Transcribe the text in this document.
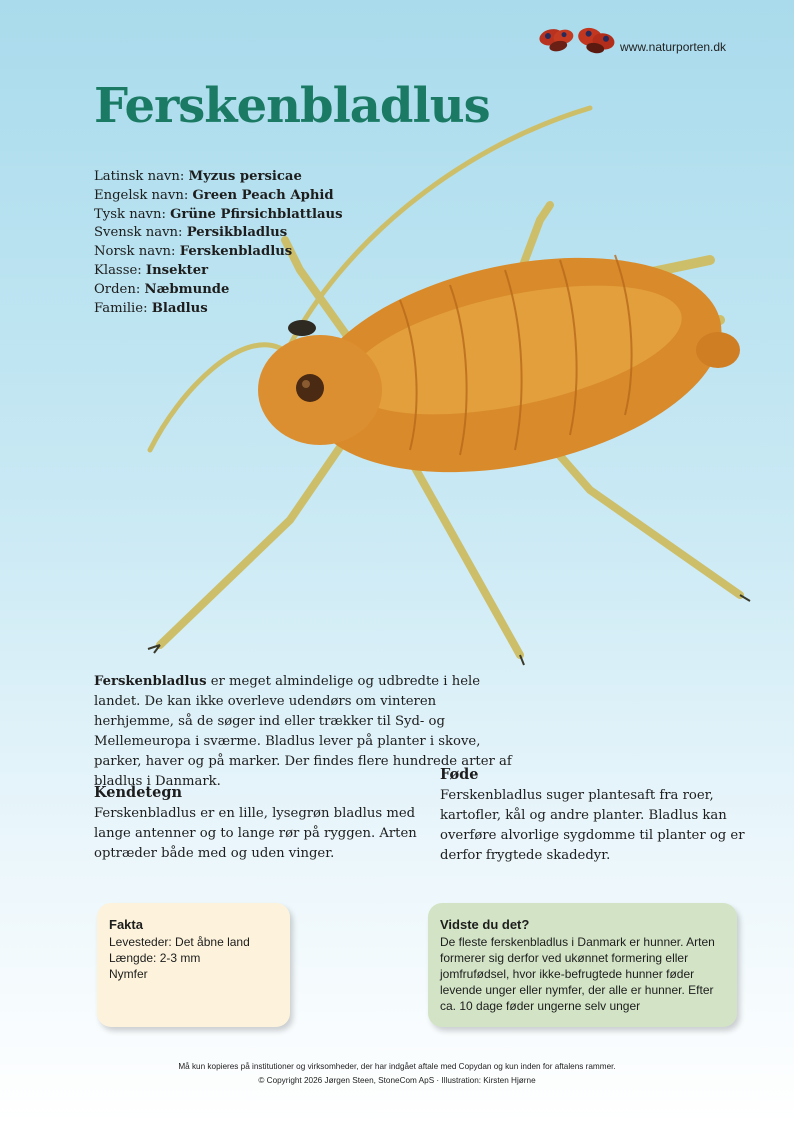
www.naturporten.dk
Ferskenbladlus
Latinsk navn: Myzus persicae
Engelsk navn: Green Peach Aphid
Tysk navn: Grüne Pfirsichblattlaus
Svensk navn: Persikbladlus
Norsk navn: Ferskenbladlus
Klasse: Insekter
Orden: Næbmunde
Familie: Bladlus
Ferskenbladlus er meget almindelige og udbredte i hele landet. De kan ikke overleve udendørs om vinteren herhjemme, så de søger ind eller trækker til Syd- og Mellemeuropa i sværme. Bladlus lever på planter i skove, parker, haver og på marker. Der findes flere hundrede arter af bladlus i Danmark.
Kendetegn
Ferskenbladlus er en lille, lysegrøn bladlus med lange antenner og to lange rør på ryggen. Arten optræder både med og uden vinger.
Føde
Ferskenbladlus suger plantesaft fra roer, kartofler, kål og andre planter. Bladlus kan overføre alvorlige sygdomme til planter og er derfor frygtede skadedyr.
Fakta
Levesteder: Det åbne land
Længde: 2-3 mm
Nymfer
Vidste du det?
De fleste ferskenbladlus i Danmark er hunner. Arten formerer sig derfor ved ukønnet formering eller jomfrufødsel, hvor ikke-befrugtede hunner føder levende unger eller nymfer, der alle er hunner. Efter ca. 10 dage føder ungerne selv unger
Må kun kopieres på institutioner og virksomheder, der har indgået aftale med Copydan og kun inden for aftalens rammer.
© Copyright 2026 Jørgen Steen, StoneCom ApS · Illustration: Kirsten Hjørne
